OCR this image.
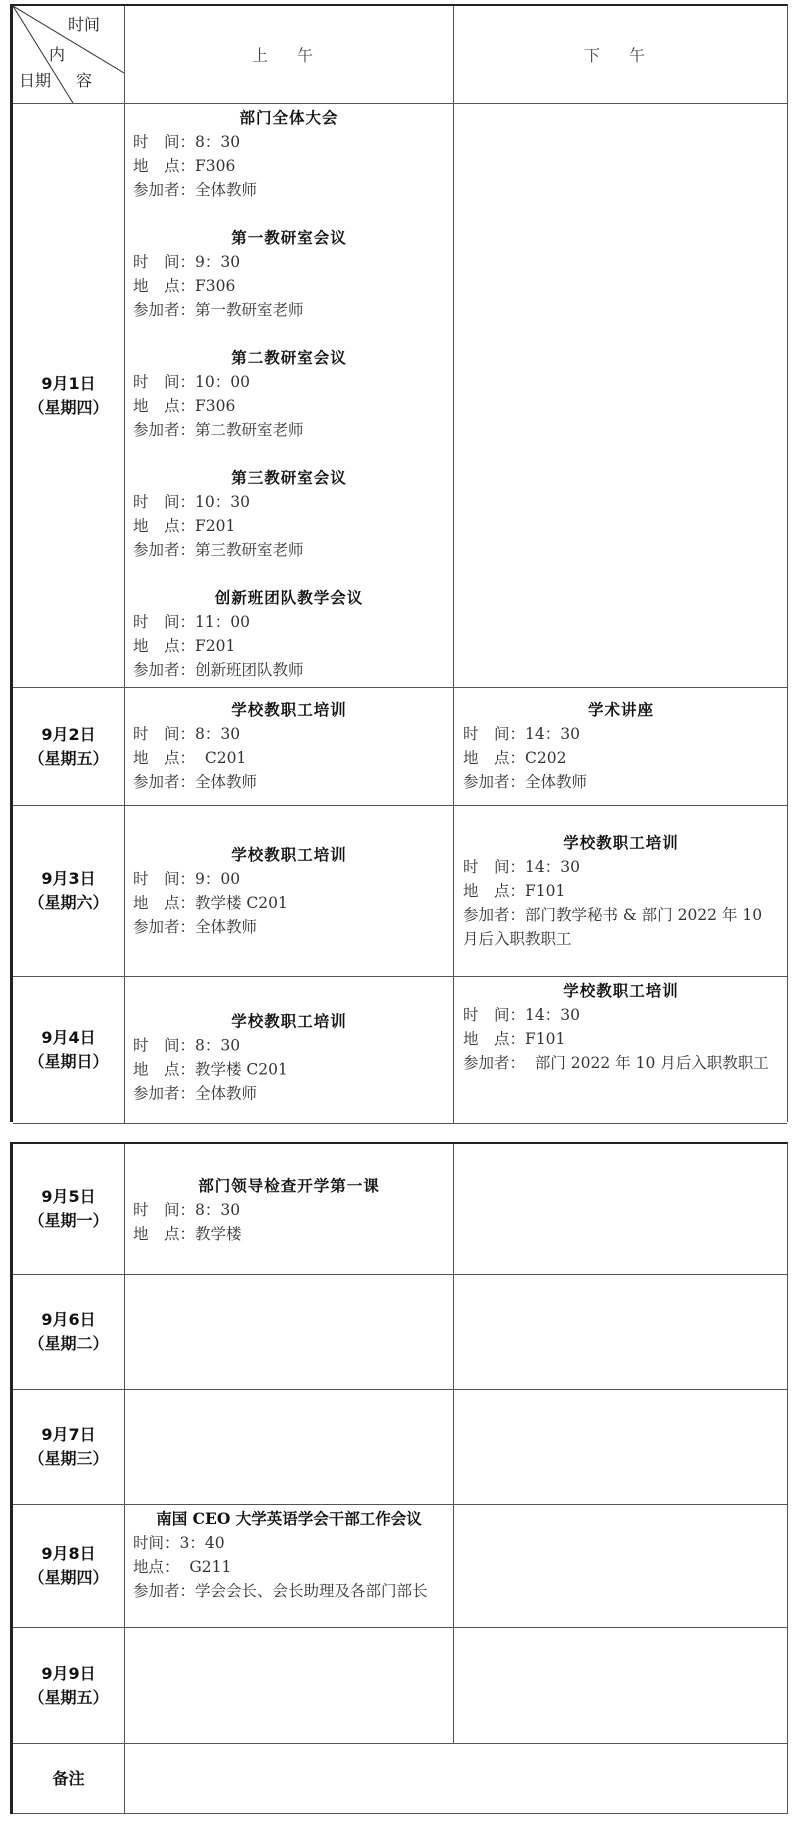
时间
内
容
日期
上 午	下 午
9月1日
（星期四）
部门全体大会
时　间：8：30
地　点：F306
参加者：全体教师
第一教研室会议
时　间：9：30
地　点：F306
参加者：第一教研室老师
第二教研室会议
时　间：10：00
地　点：F306
参加者：第二教研室老师
第三教研室会议
时　间：10：30
地　点：F201
参加者：第三教研室老师
创新班团队教学会议
时　间：11：00
地　点：F201
参加者：创新班团队教师
9月2日
（星期五）
学校教职工培训
时　间：8：30
地　点：  C201
参加者：全体教师
学术讲座
时　间：14：30
地　点：C202
参加者：全体教师
9月3日
（星期六）
学校教职工培训
时　间：9：00
地　点：教学楼 C201
参加者：全体教师
学校教职工培训
时　间：14：30
地　点：F101
参加者：部门教学秘书 & 部门 2022 年 10 月后入职教职工
9月4日
（星期日）
学校教职工培训
时　间：8：30
地　点：教学楼 C201
参加者：全体教师
学校教职工培训
时　间：14：30
地　点：F101
参加者：  部门 2022 年 10 月后入职教职工
9月5日
（星期一）
部门领导检查开学第一课
时　间：8：30
地　点：教学楼
9月6日
（星期二）
9月7日
（星期三）
9月8日
（星期四）
南国 CEO 大学英语学会干部工作会议
时间：3：40
地点：  G211
参加者：学会会长、会长助理及各部门部长
9月9日
（星期五）
备注
